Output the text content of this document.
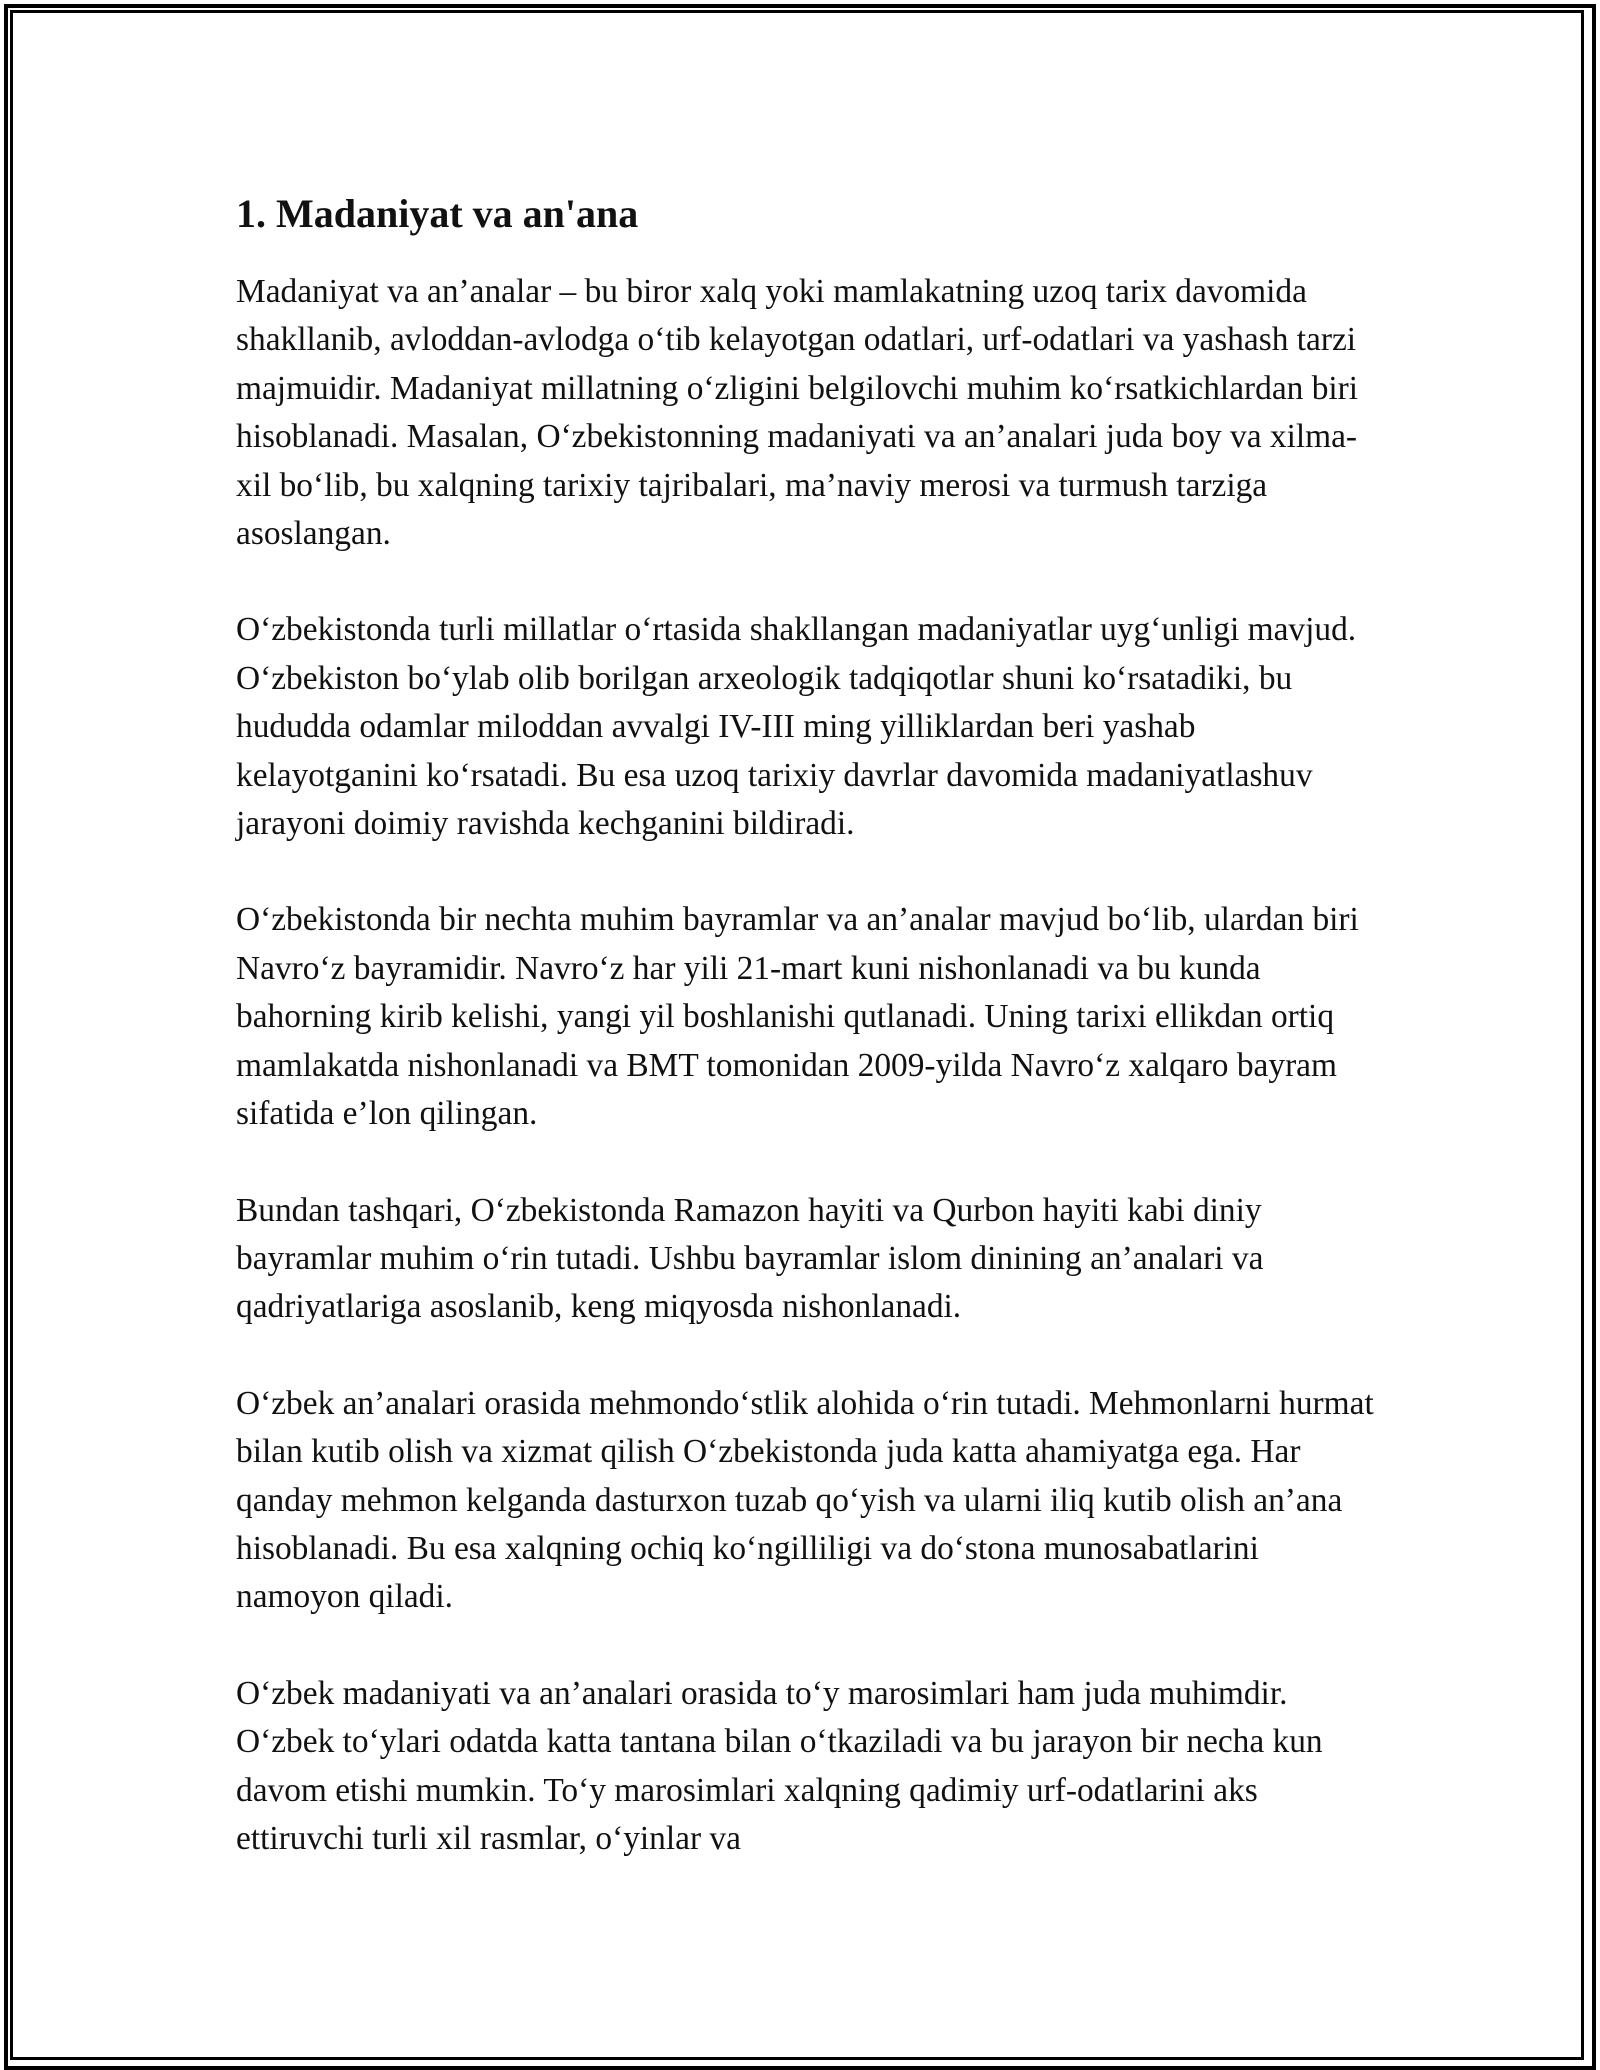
1. Madaniyat va an'ana

Madaniyat va an’analar – bu biror xalq yoki mamlakatning uzoq tarix davomida shakllanib, avloddan-avlodga o‘tib kelayotgan odatlari, urf-odatlari va yashash tarzi majmuidir. Madaniyat millatning o‘zligini belgilovchi muhim ko‘rsatkichlardan biri hisoblanadi. Masalan, O‘zbekistonning madaniyati va an’analari juda boy va xilma-xil bo‘lib, bu xalqning tarixiy tajribalari, ma’naviy merosi va turmush tarziga asoslangan.

O‘zbekistonda turli millatlar o‘rtasida shakllangan madaniyatlar uyg‘unligi mavjud. O‘zbekiston bo‘ylab olib borilgan arxeologik tadqiqotlar shuni ko‘rsatadiki, bu hududda odamlar miloddan avvalgi IV-III ming yilliklardan beri yashab kelayotganini ko‘rsatadi. Bu esa uzoq tarixiy davrlar davomida madaniyatlashuv jarayoni doimiy ravishda kechganini bildiradi.

O‘zbekistonda bir nechta muhim bayramlar va an’analar mavjud bo‘lib, ulardan biri Navro‘z bayramidir. Navro‘z har yili 21-mart kuni nishonlanadi va bu kunda bahorning kirib kelishi, yangi yil boshlanishi qutlanadi. Uning tarixi ellikdan ortiq mamlakatda nishonlanadi va BMT tomonidan 2009-yilda Navro‘z xalqaro bayram sifatida e’lon qilingan.

Bundan tashqari, O‘zbekistonda Ramazon hayiti va Qurbon hayiti kabi diniy bayramlar muhim o‘rin tutadi. Ushbu bayramlar islom dinining an’analari va qadriyatlariga asoslanib, keng miqyosda nishonlanadi.

O‘zbek an’analari orasida mehmondo‘stlik alohida o‘rin tutadi. Mehmonlarni hurmat bilan kutib olish va xizmat qilish O‘zbekistonda juda katta ahamiyatga ega. Har qanday mehmon kelganda dasturxon tuzab qo‘yish va ularni iliq kutib olish an’ana hisoblanadi. Bu esa xalqning ochiq ko‘ngilliligi va do‘stona munosabatlarini namoyon qiladi.

O‘zbek madaniyati va an’analari orasida to‘y marosimlari ham juda muhimdir. O‘zbek to‘ylari odatda katta tantana bilan o‘tkaziladi va bu jarayon bir necha kun davom etishi mumkin. To‘y marosimlari xalqning qadimiy urf-odatlarini aks ettiruvchi turli xil rasmlar, o‘yinlar va
